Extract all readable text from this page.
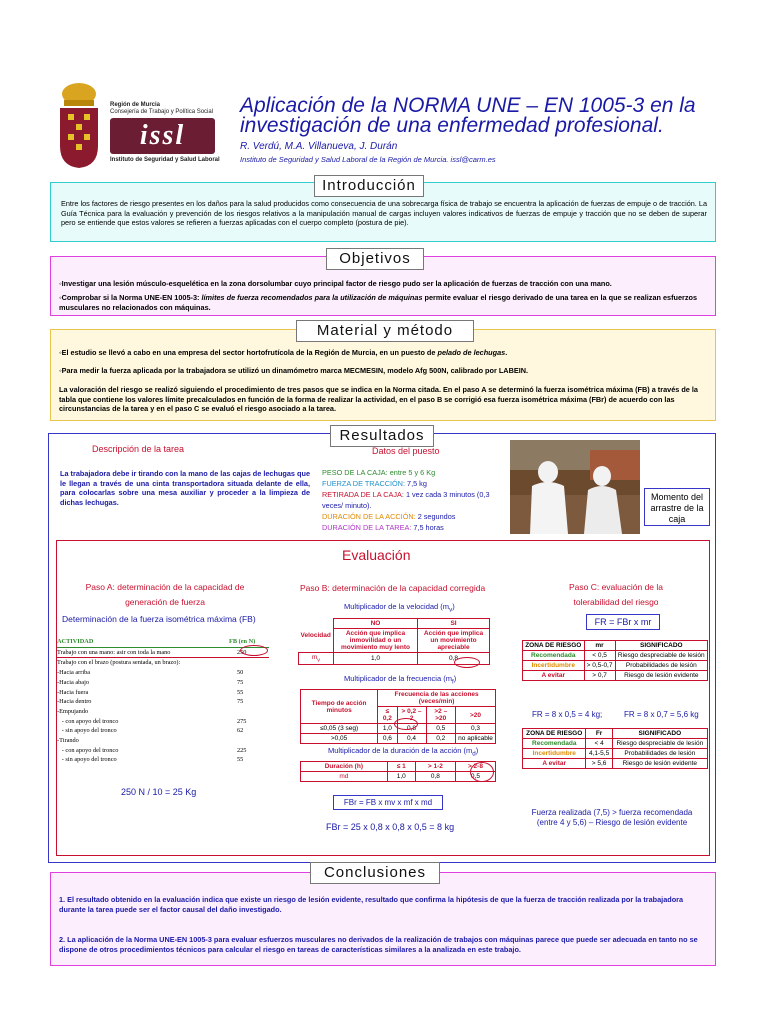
Región de Murcia
Consejería de Trabajo y Política Social
issl
Instituto de Seguridad y Salud Laboral
Aplicación de la NORMA UNE – EN 1005-3 en la
investigación de una enfermedad profesional.
R. Verdú, M.A. Villanueva, J. Durán
Instituto de Seguridad y Salud Laboral de la Región de Murcia. issl@carm.es
Entre los factores de riesgo presentes en los daños para la salud producidos como consecuencia de una sobrecarga física de trabajo se encuentra la aplicación de fuerzas de empuje o de tracción. La Guía Técnica para la evaluación y prevención de los riesgos relativos a la manipulación manual de cargas incluyen valores indicativos de fuerzas de empuje y tracción que no se deben de superar pero se entiende que estos valores se refieren a fuerzas aplicadas con el cuerpo completo (postura de pie).
Introducción
◦Investigar una lesión músculo-esquelética en la zona dorsolumbar cuyo principal factor de riesgo pudo ser la aplicación de fuerzas de tracción con una mano.
◦Comprobar si la Norma UNE-EN 1005-3: límites de fuerza recomendados para la utilización de máquinas permite evaluar el riesgo derivado de una tarea en la que se realizan esfuerzos musculares no relacionados con máquinas.
Objetivos
◦El estudio se llevó a cabo en una empresa del sector hortofrutícola de la Región de Murcia, en un puesto de pelado de lechugas.
◦Para medir la fuerza aplicada por la trabajadora se utilizó un dinamómetro marca MECMESIN, modelo Afg 500N, calibrado por LABEIN.
La valoración del riesgo se realizó siguiendo el procedimiento de tres pasos que se indica en la Norma citada. En el paso A se determinó la fuerza isométrica máxima (FB) a través de la tabla que contiene los valores límite precalculados en función de la forma de realizar la actividad, en el paso B se corrigió esa fuerza isométrica máxima (FBr) de acuerdo con las circunstancias de la tarea y en el paso C se evaluó el riesgo asociado a la tarea.
Material y método
Resultados
Descripción de la tarea
La trabajadora debe ir tirando con la mano de las cajas de lechugas que le llegan a través de una cinta transportadora situada delante de ella, para colocarlas sobre una mesa auxiliar y proceder a la limpieza de dichas lechugas.
Datos del puesto
PESO DE LA CAJA: entre 5 y 6 Kg
FUERZA DE TRACCIÓN: 7,5 kg
RETIRADA DE LA CAJA: 1 vez cada 3 minutos (0,3 veces/ minuto).
DURACIÓN DE LA ACCIÓN: 2 segundos
DURACIÓN DE LA TAREA: 7,5 horas
Momento del arrastre de la caja
Evaluación
Paso A: determinación de la capacidad de generación de fuerza
Determinación de la fuerza isométrica máxima (FB)
ACTIVIDAD	FB (en N)
Trabajo con una mano: asir con toda la mano	250
Trabajo con el brazo (postura sentada, un brazo):
-Hacia arriba	50
-Hacia abajo	75
-Hacia fuera	55
-Hacia dentro	75
-Empujando
- con apoyo del tronco	275
- sin apoyo del tronco	62
-Tirando
- con apoyo del tronco	225
- sin apoyo del tronco	55
250 N / 10 = 25 Kg
Paso B: determinación de la capacidad corregida
Multiplicador de la velocidad $(m_v)$
Velocidad	NO	SI
	Acción que implica inmovilidad o un movimiento muy lento	Acción que implica un movimiento apreciable
$m_v$	1,0	0,8
Multiplicador de la frecuencia $(m_f)$
Tiempo de acción minutos	Frecuencia de las acciones (veces/min)			
	≤ 0,2	> 0,2 – 2	>2 – >20	>20
≤0,05 (3 seg)	1,0	0,8	0,5	0,3
>0,05	0,6	0,4	0,2	no aplicable
Multiplicador de la duración de la acción $(m_d)$
Duración (h)	≤ 1	> 1-2	> 2-8
md	1,0	0,8	0,5
FBr = FB x mv x mf x md
FBr = 25 x 0,8 x 0,8 x 0,5 = 8 kg
Paso C: evaluación de la tolerabilidad del riesgo
FR = FBr x mr
ZONA DE RIESGO	mr	SIGNIFICADO
Recomendada	< 0,5	Riesgo despreciable de lesión
Incertidumbre	> 0,5-0,7	Probabilidades de lesión
A evitar	> 0,7	Riesgo de lesión evidente
FR = 8 x 0,5 = 4 kg;	FR = 8 x 0,7 = 5,6 kg
ZONA DE RIESGO	Fr	SIGNIFICADO
Recomendada	< 4	Riesgo despreciable de lesión
Incertidumbre	4,1-5,5	Probabilidades de lesión
A evitar	> 5,6	Riesgo de lesión evidente
Fuerza realizada (7,5) > fuerza recomendada
(entre 4 y 5,6) – Riesgo de lesión evidente
1. El resultado obtenido en la evaluación indica que existe un riesgo de lesión evidente, resultado que confirma la hipótesis de que la fuerza de tracción realizada por la trabajadora durante la tarea puede ser el factor causal del daño investigado.
2. La aplicación de la Norma UNE-EN 1005-3 para evaluar esfuerzos musculares no derivados de la realización de trabajos con máquinas parece que puede ser adecuada en tanto no se dispone de otros procedimientos técnicos para calcular el riesgo en tareas de características similares a la analizada en este trabajo.
Conclusiones
